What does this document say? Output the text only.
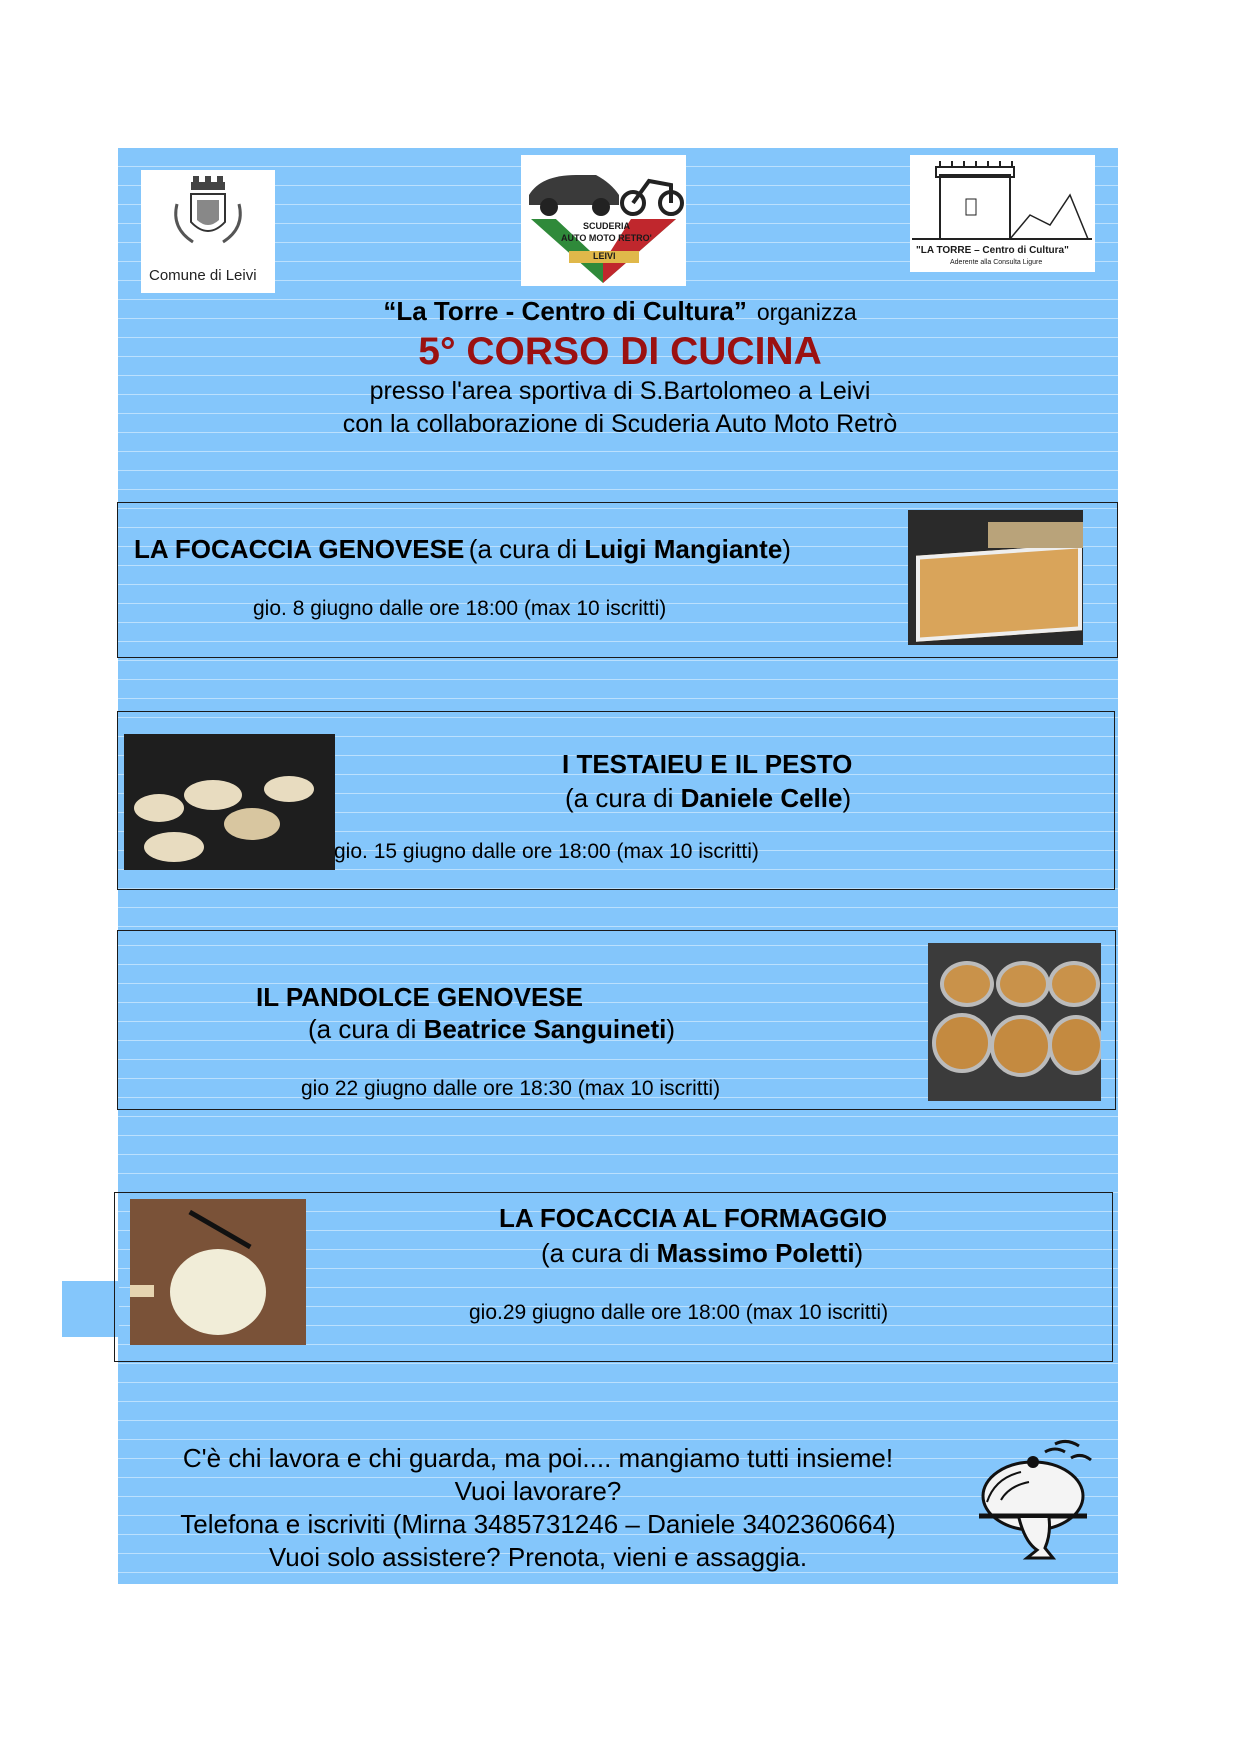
Comune di Leivi
SCUDERIA
AUTO MOTO RETRO'
LEIVI	"LA TORRE – Centro di Cultura"
Aderente alla Consulta Ligure
“La Torre - Centro di Cultura” organizza
5° CORSO DI CUCINA
presso l'area sportiva di S.Bartolomeo a Leivi
con la collaborazione di Scuderia Auto Moto Retrò
LA FOCACCIA GENOVESE (a cura di Luigi Mangiante)
gio. 8 giugno dalle ore 18:00 (max 10 iscritti)
I TESTAIEU E IL PESTO
(a cura di Daniele Celle)
gio. 15 giugno dalle ore 18:00 (max 10 iscritti)
IL PANDOLCE GENOVESE
(a cura di Beatrice Sanguineti)
gio 22 giugno dalle ore 18:30 (max 10 iscritti)
LA FOCACCIA AL FORMAGGIO
(a cura di Massimo Poletti)
gio.29 giugno dalle ore 18:00 (max 10 iscritti)
C'è chi lavora e chi guarda, ma poi.... mangiamo tutti insieme!
Vuoi lavorare?
Telefona e iscriviti (Mirna 3485731246 – Daniele 3402360664)
Vuoi solo assistere? Prenota, vieni e assaggia.
